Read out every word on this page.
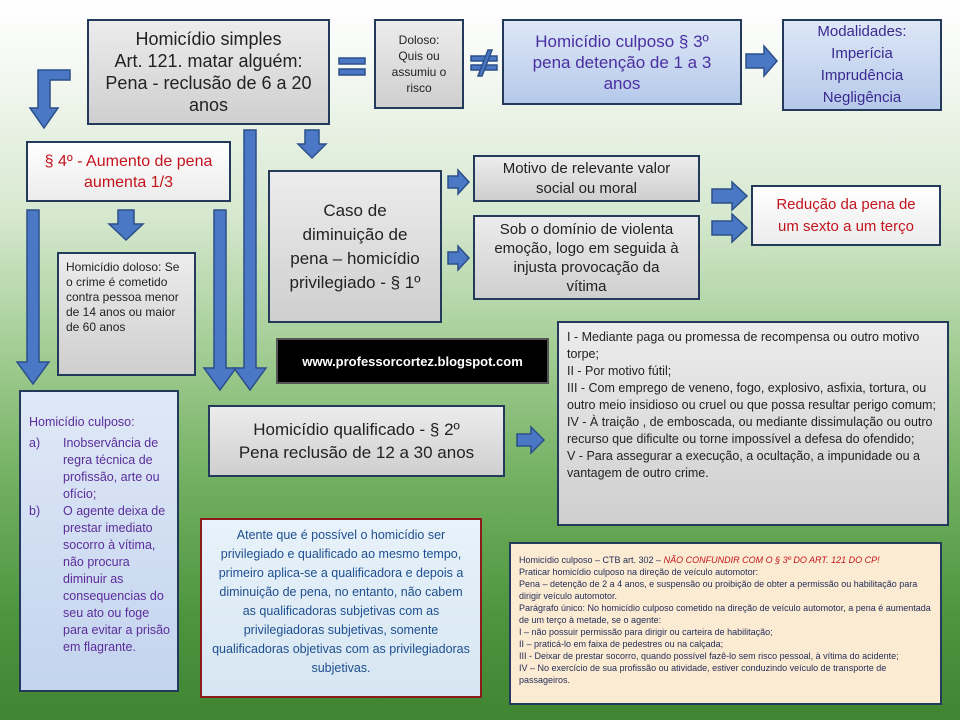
Homicídio simples
Art. 121. matar alguém:
Pena - reclusão de 6 a 20
anos
Doloso:
Quis ou
assumiu o
risco
Homicídio culposo § 3º
pena detenção de 1 a 3
anos
Modalidades:
Imperícia
Imprudência
Negligência
§ 4º - Aumento de pena
aumenta 1/3
Caso de
diminuição de
pena – homicídio
privilegiado - § 1º
Motivo de relevante valor
social ou moral
Sob o domínio de violenta
emoção, logo em seguida à
injusta provocação da
vítima
Redução da pena de
um sexto a um terço
Homicídio doloso: Se o crime é cometido contra pessoa menor de 14 anos ou maior de 60 anos
www.professorcortez.blogspot.com
Homicídio qualificado - § 2º
Pena reclusão de 12 a 30 anos

I - Mediante paga ou promessa de recompensa ou outro motivo torpe;

II - Por motivo fútil;

III - Com emprego de veneno, fogo, explosivo, asfixia, tortura, ou outro meio insidioso ou cruel ou que possa resultar perigo comum;

IV - À traição , de emboscada, ou mediante dissimulação ou outro recurso que dificulte ou torne impossível a defesa do ofendido;

V - Para assegurar a execução, a ocultação, a impunidade ou a vantagem de outro crime.

Homicídio culposo:
a)	Inobservância de regra técnica de profissão, arte ou ofício;
b)	O agente deixa de prestar imediato socorro à vítima, não procura diminuir as consequencias do seu ato ou foge para evitar a prisão em flagrante.
Atente que é possível o homicídio ser privilegiado e qualificado ao mesmo tempo, primeiro aplica-se a qualificadora e depois a diminuição de pena, no entanto, não cabem as qualificadoras subjetivas com as privilegiadoras subjetivas, somente qualificadoras objetivas com as privilegiadoras subjetivas.

Homicídio culposo – CTB art. 302 – NÃO CONFUNDIR COM O § 3º DO ART. 121 DO CP!

Praticar homicídio culposo na direção de veículo automotor:

Pena – detenção de 2 a 4 anos, e suspensão ou proibição de obter a permissão ou habilitação para dirigir veículo automotor.

Parágrafo único: No homicídio culposo cometido na direção de veículo automotor, a pena é aumentada de um terço à metade, se o agente:

I – não possuir permissão para dirigir ou carteira de habilitação;

II – praticá-lo em faixa de pedestres ou na calçada;

III - Deixar de prestar socorro, quando possível fazê-lo sem risco pessoal, à vítima do acidente;

IV – No exercício de sua profissão ou atividade, estiver conduzindo veículo de transporte de passageiros.
